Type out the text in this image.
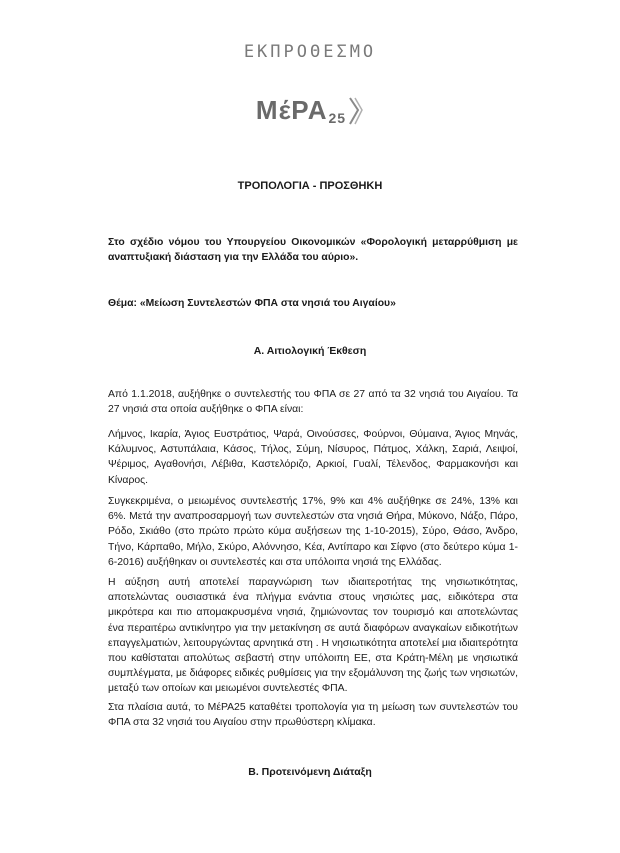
ΕΚΠΡΟΘΕΣΜΟ
ΜέΡΑ 25
ΤΡΟΠΟΛΟΓΙΑ - ΠΡΟΣΘΗΚΗ
Στο σχέδιο νόμου του Υπουργείου Οικονομικών «Φορολογική μεταρρύθμιση με αναπτυξιακή διάσταση για την Ελλάδα του αύριο».
Θέμα: «Μείωση Συντελεστών ΦΠΑ στα νησιά του Αιγαίου»
Α. Αιτιολογική Έκθεση
Από 1.1.2018, αυξήθηκε ο συντελεστής του ΦΠΑ σε 27 από τα 32 νησιά του Αιγαίου. Τα 27 νησιά στα οποία αυξήθηκε ο ΦΠΑ είναι:
Λήμνος, Ικαρία, Άγιος Ευστράτιος, Ψαρά, Οινούσσες, Φούρνοι, Θύμαινα, Άγιος Μηνάς, Κάλυμνος, Αστυπάλαια, Κάσος, Τήλος, Σύμη, Νίσυρος, Πάτμος, Χάλκη, Σαριά, Λειψοί, Ψέριμος, Αγαθονήσι, Λέβιθα, Καστελόριζο, Αρκιοί, Γυαλί, Τέλενδος, Φαρμακονήσι και Κίναρος.
Συγκεκριμένα, ο μειωμένος συντελεστής 17%, 9% και 4% αυξήθηκε σε 24%, 13% και 6%. Μετά την αναπροσαρμογή των συντελεστών στα νησιά Θήρα, Μύκονο, Νάξο, Πάρο, Ρόδο, Σκιάθο (στο πρώτο πρώτο κύμα αυξήσεων της 1-10-2015), Σύρο, Θάσο, Άνδρο, Τήνο, Κάρπαθο, Μήλο, Σκύρο, Αλόννησο, Κέα, Αντίπαρο και Σίφνο (στο δεύτερο κύμα 1-6-2016) αυξήθηκαν οι συντελεστές και στα υπόλοιπα νησιά της Ελλάδας.
Η αύξηση αυτή αποτελεί παραγνώριση των ιδιαιτεροτήτας της νησιωτικότητας, αποτελώντας ουσιαστικά ένα πλήγμα ενάντια στους νησιώτες μας, ειδικότερα στα μικρότερα και πιο απομακρυσμένα νησιά, ζημιώνοντας τον τουρισμό και αποτελώντας ένα περαιτέρω αντικίνητρο για την μετακίνηση σε αυτά διαφόρων αναγκαίων ειδικοτήτων επαγγελματιών, λειτουργώντας αρνητικά στη . Η νησιωτικότητα αποτελεί μια ιδιαιτερότητα που καθίσταται απολύτως σεβαστή στην υπόλοιπη ΕΕ, στα Κράτη-Μέλη με νησιωτικά συμπλέγματα, με διάφορες ειδικές ρυθμίσεις για την εξομάλυνση της ζωής των νησιωτών, μεταξύ των οποίων και μειωμένοι συντελεστές ΦΠΑ.
Στα πλαίσια αυτά, το ΜέΡΑ25 καταθέτει τροπολογία για τη μείωση των συντελεστών του ΦΠΑ στα 32 νησιά του Αιγαίου στην πρωθύστερη κλίμακα.
Β. Προτεινόμενη Διάταξη
